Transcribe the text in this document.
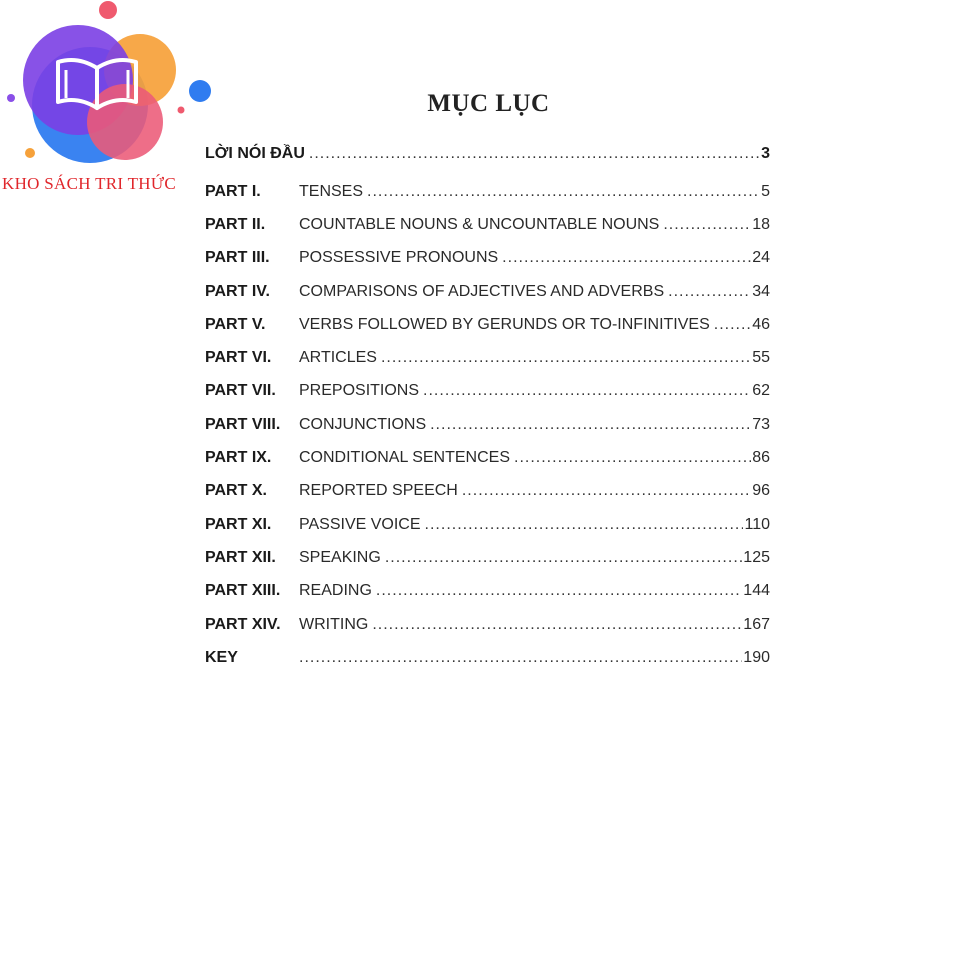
KHO SÁCH TRI THỨC
MỤC LỤC
LỜI NÓI ĐẦU .....	3
PART I.	TENSES .....	5
PART II.	COUNTABLE NOUNS & UNCOUNTABLE NOUNS .....	18
PART III.	POSSESSIVE PRONOUNS .....	24
PART IV.	COMPARISONS OF ADJECTIVES AND ADVERBS .....	34
PART V.	VERBS FOLLOWED BY GERUNDS OR TO-INFINITIVES .....	46
PART VI.	ARTICLES .....	55
PART VII.	PREPOSITIONS .....	62
PART VIII.	CONJUNCTIONS .....	73
PART IX.	CONDITIONAL SENTENCES .....	86
PART X.	REPORTED SPEECH .....	96
PART XI.	PASSIVE VOICE .....	110
PART XII.	SPEAKING .....	125
PART XIII.	READING .....	144
PART XIV.	WRITING .....	167
KEY .....	190
